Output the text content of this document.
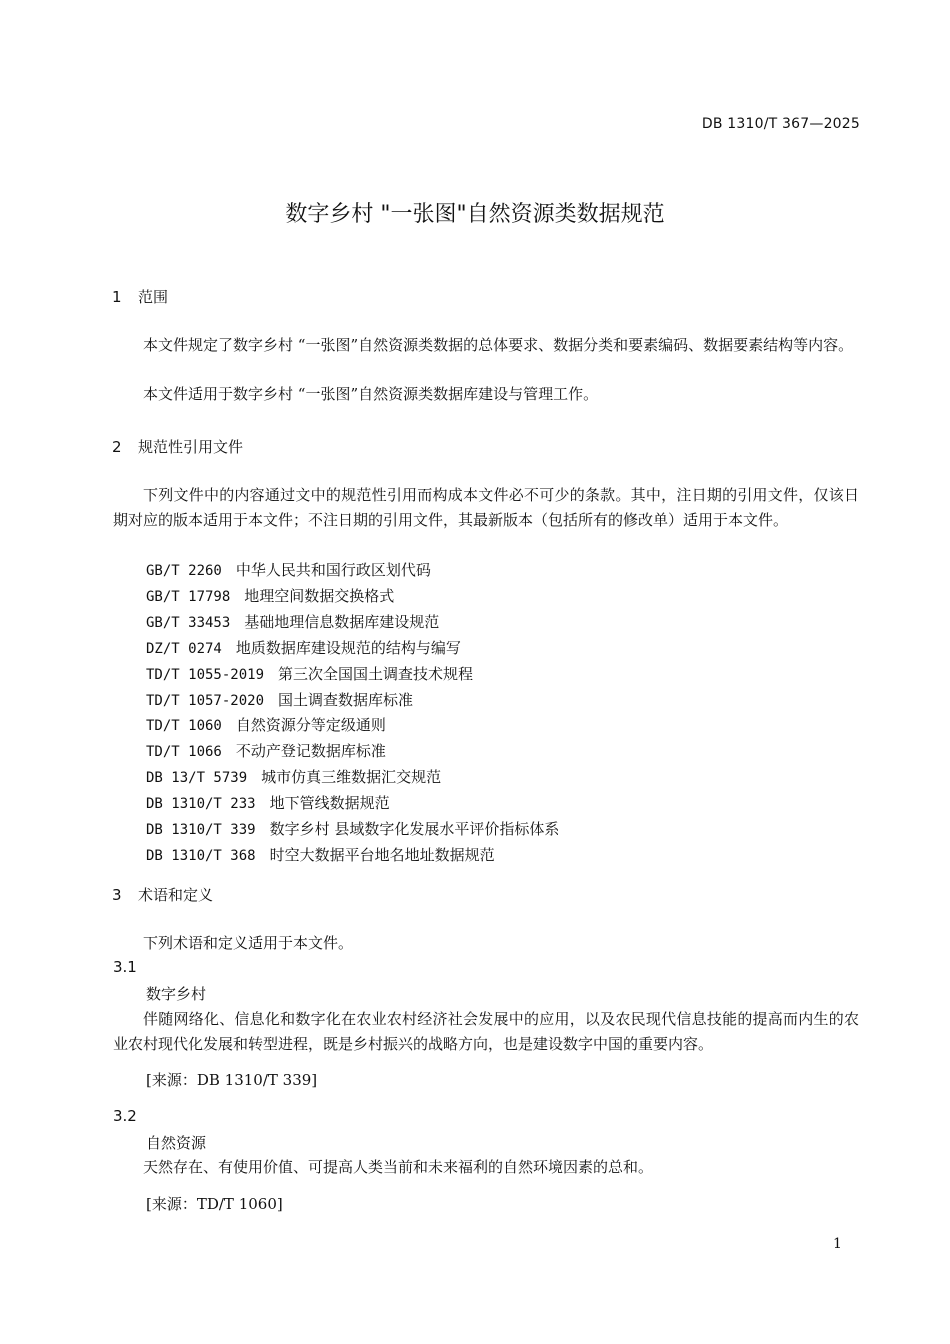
DB 1310/T 367—2025
数字乡村 "一张图"自然资源类数据规范
1 范围
本文件规定了数字乡村 “一张图”自然资源类数据的总体要求、数据分类和要素编码、数据要素结构等内容。
本文件适用于数字乡村 “一张图”自然资源类数据库建设与管理工作。
2 规范性引用文件
下列文件中的内容通过文中的规范性引用而构成本文件必不可少的条款。其中，注日期的引用文件，仅该日期对应的版本适用于本文件；不注日期的引用文件，其最新版本（包括所有的修改单）适用于本文件。
GB/T 2260 中华人民共和国行政区划代码
GB/T 17798 地理空间数据交换格式
GB/T 33453 基础地理信息数据库建设规范
DZ/T 0274 地质数据库建设规范的结构与编写
TD/T 1055-2019 第三次全国国土调查技术规程
TD/T 1057-2020 国土调查数据库标准
TD/T 1060 自然资源分等定级通则
TD/T 1066 不动产登记数据库标准
DB 13/T 5739 城市仿真三维数据汇交规范
DB 1310/T 233 地下管线数据规范
DB 1310/T 339 数字乡村 县域数字化发展水平评价指标体系
DB 1310/T 368 时空大数据平台地名地址数据规范
3 术语和定义
下列术语和定义适用于本文件。
3.1
数字乡村
伴随网络化、信息化和数字化在农业农村经济社会发展中的应用，以及农民现代信息技能的提高而内生的农业农村现代化发展和转型进程，既是乡村振兴的战略方向，也是建设数字中国的重要内容。
[来源：DB 1310/T 339]
3.2
自然资源
天然存在、有使用价值、可提高人类当前和未来福利的自然环境因素的总和。
[来源：TD/T 1060]
1
